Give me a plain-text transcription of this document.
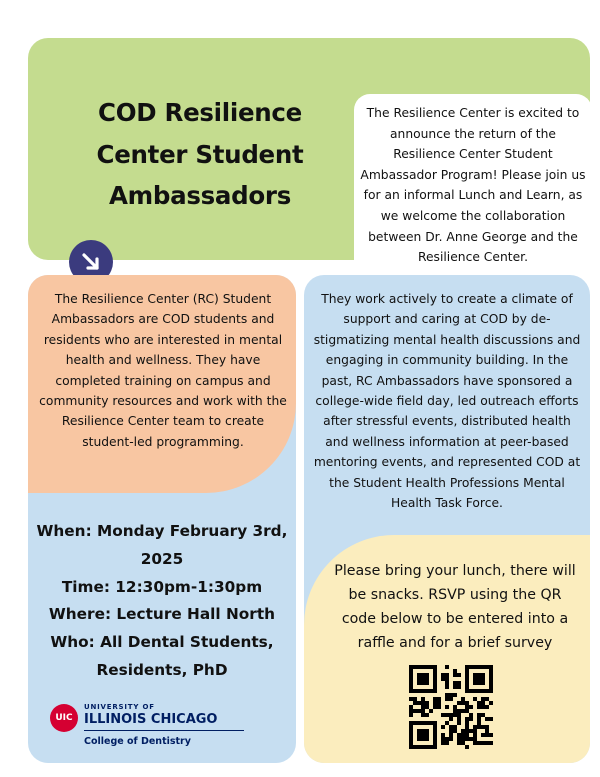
COD Resilience Center Student Ambassadors
The Resilience Center is excited to announce the return of the Resilience Center Student Ambassador Program! Please join us for an informal Lunch and Learn, as we welcome the collaboration between Dr. Anne George and the Resilience Center.

The Resilience Center (RC) Student Ambassadors are COD students and residents who are interested in mental health and wellness. They have completed training on campus and community resources and work with the Resilience Center team to create student-led programming.

When: Monday February 3rd, 2025
Time: 12:30pm-1:30pm
Where: Lecture Hall North
Who: All Dental Students, Residents, PhD
UIC
UNIVERSITY OF
ILLINOIS CHICAGO
College of Dentistry

They work actively to create a climate of support and caring at COD by de-stigmatizing mental health discussions and engaging in community building. In the past, RC Ambassadors have sponsored a college-wide field day, led outreach efforts after stressful events, distributed health and wellness information at peer-based mentoring events, and represented COD at the Student Health Professions Mental Health Task Force.

Please bring your lunch, there will be snacks. RSVP using the QR code below to be entered into a raffle and for a brief survey
